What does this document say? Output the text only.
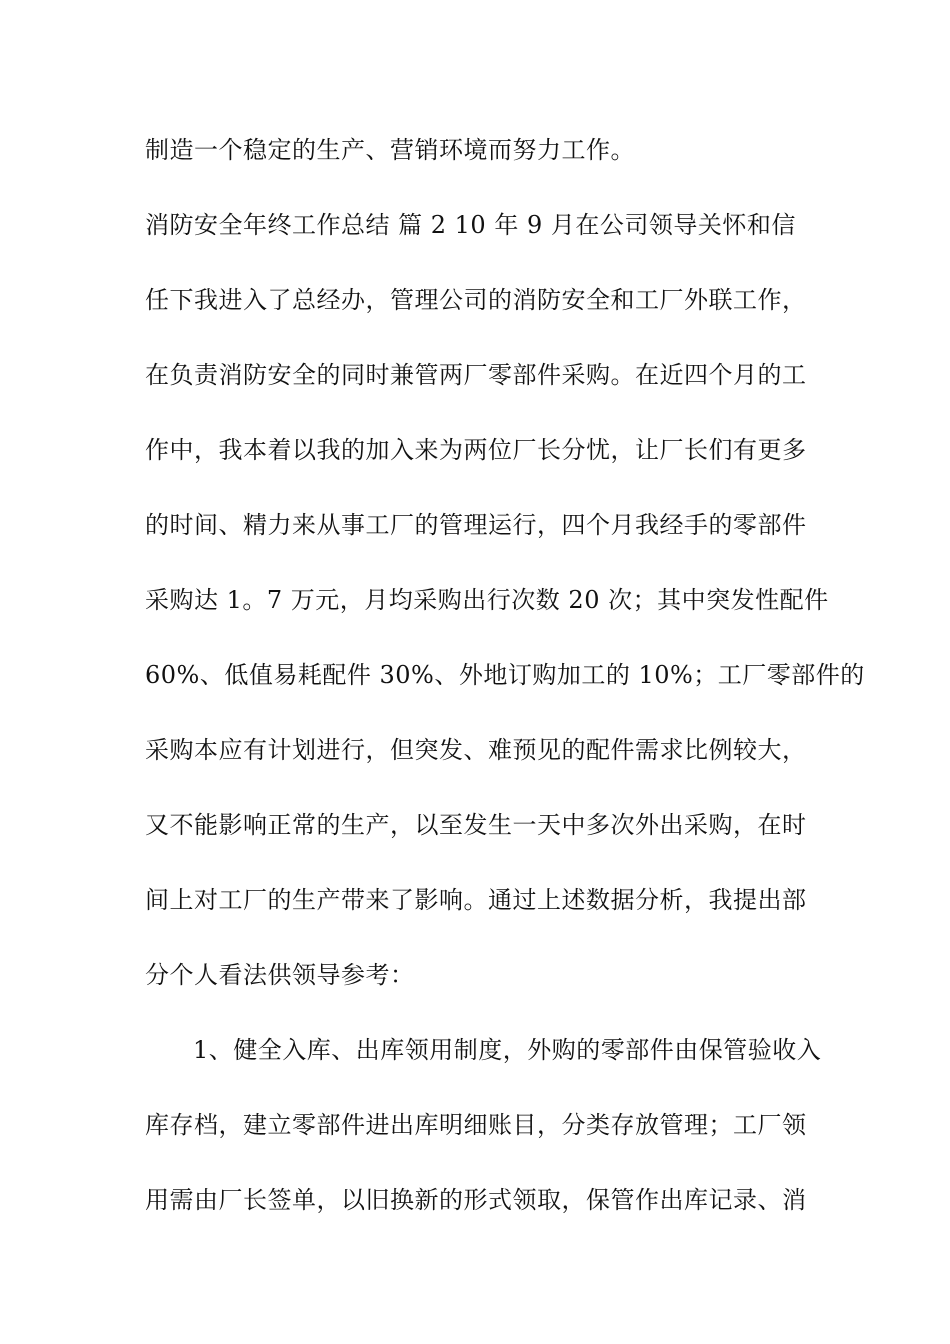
制造一个稳定的生产、营销环境而努力工作。
消防安全年终工作总结 篇 2 10 年 9 月在公司领导关怀和信
任下我进入了总经办，管理公司的消防安全和工厂外联工作，
在负责消防安全的同时兼管两厂零部件采购。在近四个月的工
作中，我本着以我的加入来为两位厂长分忧，让厂长们有更多
的时间、精力来从事工厂的管理运行，四个月我经手的零部件
采购达 1。7 万元，月均采购出行次数 20 次；其中突发性配件
60%、低值易耗配件 30%、外地订购加工的 10%；工厂零部件的
采购本应有计划进行，但突发、难预见的配件需求比例较大，
又不能影响正常的生产，以至发生一天中多次外出采购，在时
间上对工厂的生产带来了影响。通过上述数据分析，我提出部
分个人看法供领导参考：
1、健全入库、出库领用制度，外购的零部件由保管验收入
库存档，建立零部件进出库明细账目，分类存放管理；工厂领
用需由厂长签单，以旧换新的形式领取，保管作出库记录、消
